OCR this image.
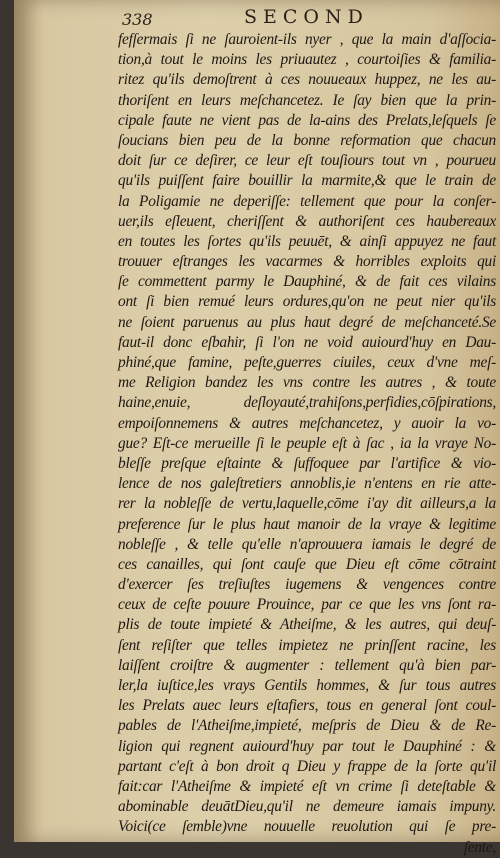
338	SECOND
fefſermais ſi ne ſauroient-ils nyer , que la main d'aſſocia-
tion,à tout le moins les priuautez , courtoiſies & familia-
ritez qu'ils demoſtrent à ces nouueaux huppez, ne les au-
thoriſent en leurs meſchancetez. Ie ſay bien que la prin-
cipale faute ne vient pas de la-ains des Prelats,leſquels ſe
ſoucians bien peu de la bonne reformation que chacun
doit ſur ce deſirer, ce leur eſt touſiours tout vn , pourueu
qu'ils puiſſent faire bouillir la marmite,& que le train de
la Poligamie ne deperiſſe: tellement que pour la conſer-
uer,ils eſleuent, cheriſſent & authoriſent ces haubereaux
en toutes les ſortes qu'ils peuuēt, & ainſi appuyez ne faut
trouuer eſtranges les vacarmes & horribles exploits qui
ſe commettent parmy le Dauphiné, & de fait ces vilains
ont ſi bien remué leurs ordures,qu'on ne peut nier qu'ils
ne ſoient paruenus au plus haut degré de meſchanceté.Se
faut-il donc eſbahir, ſi l'on ne void auiourd'huy en Dau-
phiné,que famine, peſte,guerres ciuiles, ceux d'vne meſ-
me Religion bandez les vns contre les autres , & toute
haine,enuie, deſloyauté,trahiſons,perfidies,cōſpirations,
empoiſonnemens & autres meſchancetez, y auoir la vo-
gue? Eſt-ce merueille ſi le peuple eſt à ſac , ia la vraye No-
bleſſe preſque eſtainte & ſuffoquee par l'artifice & vio-
lence de nos galeſtretiers annoblis,ie n'entens en rie atte-
rer la nobleſſe de vertu,laquelle,cōme i'ay dit ailleurs,a la
preference ſur le plus haut manoir de la vraye & legitime
nobleſſe , & telle qu'elle n'aprouuera iamais le degré de
ces canailles, qui ſont cauſe que Dieu eſt cōme cōtraint
d'exercer ſes treſiuſtes iugemens & vengences contre
ceux de ceſte pouure Prouince, par ce que les vns ſont ra-
plis de toute impieté & Atheiſme, & les autres, qui deuſ-
ſent reſiſter que telles impietez ne prinſſent racine, les
laiſſent croiſtre & augmenter : tellement qu'à bien par-
ler,la iuſtice,les vrays Gentils hommes, & ſur tous autres
les Prelats auec leurs eſtafiers, tous en general ſont coul-
pables de l'Atheiſme,impieté, meſpris de Dieu & de Re-
ligion qui regnent auiourd'huy par tout le Dauphiné : &
partant c'eſt à bon droit q Dieu y frappe de la ſorte qu'il
fait:car l'Atheiſme & impieté eſt vn crime ſi deteſtable &
abominable deuātDieu,qu'il ne demeure iamais impuny.
Voici(ce ſemble)vne nouuelle reuolution qui ſe pre-
ſente,
